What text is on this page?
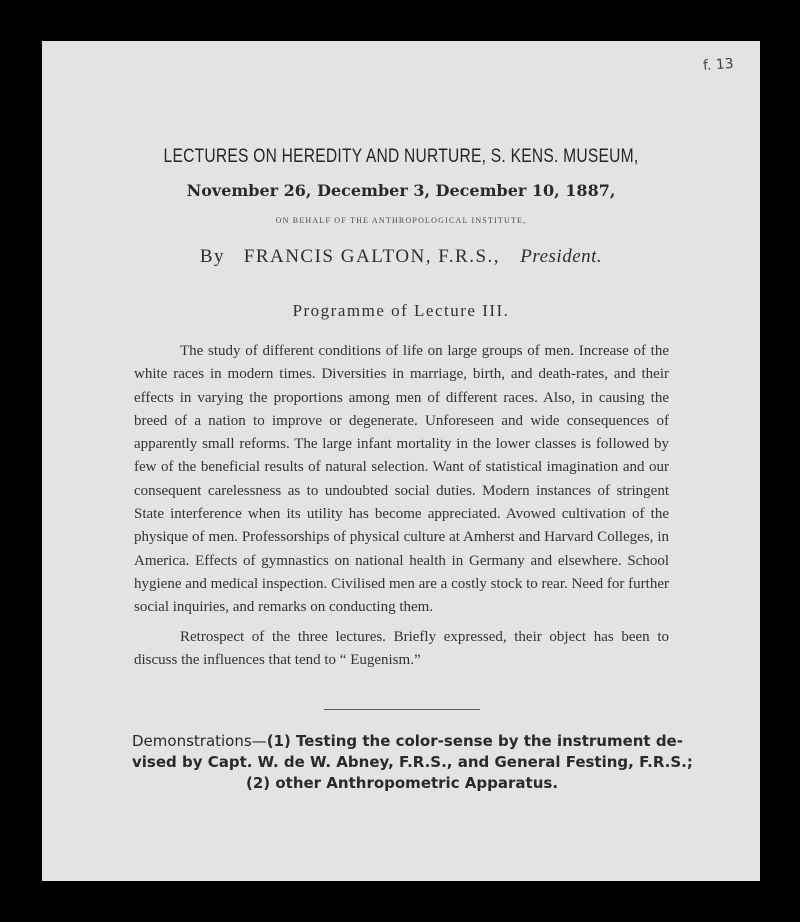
f. 13
LECTURES ON HEREDITY AND NURTURE, S. KENS. MUSEUM,
November 26, December 3, December 10, 1887,
ON BEHALF OF THE ANTHROPOLOGICAL INSTITUTE,
By FRANCIS GALTON, F.R.S., President.
Programme of Lecture III.

The study of different conditions of life on large groups of men. Increase of the white races in modern times. Diversities in marriage, birth, and death-rates, and their effects in varying the proportions among men of different races. Also, in causing the breed of a nation to improve or degenerate. Unforeseen and wide consequences of apparently small reforms. The large infant mortality in the lower classes is followed by few of the beneficial results of natural selection. Want of statistical imagination and our consequent carelessness as to undoubted social duties. Modern instances of stringent State interference when its utility has become appreciated. Avowed cultivation of the physique of men. Professorships of physical culture at Amherst and Harvard Colleges, in America. Effects of gymnastics on national health in Germany and elsewhere. School hygiene and medical inspection. Civilised men are a costly stock to rear. Need for further social inquiries, and remarks on conducting them.

Retrospect of the three lectures. Briefly expressed, their object has been to discuss the influences that tend to “ Eugenism.”

Demonstrations—(1) Testing the color-sense by the instrument de-
vised by Capt. W. de W. Abney, F.R.S., and General Festing, F.R.S.;
(2) other Anthropometric Apparatus.
